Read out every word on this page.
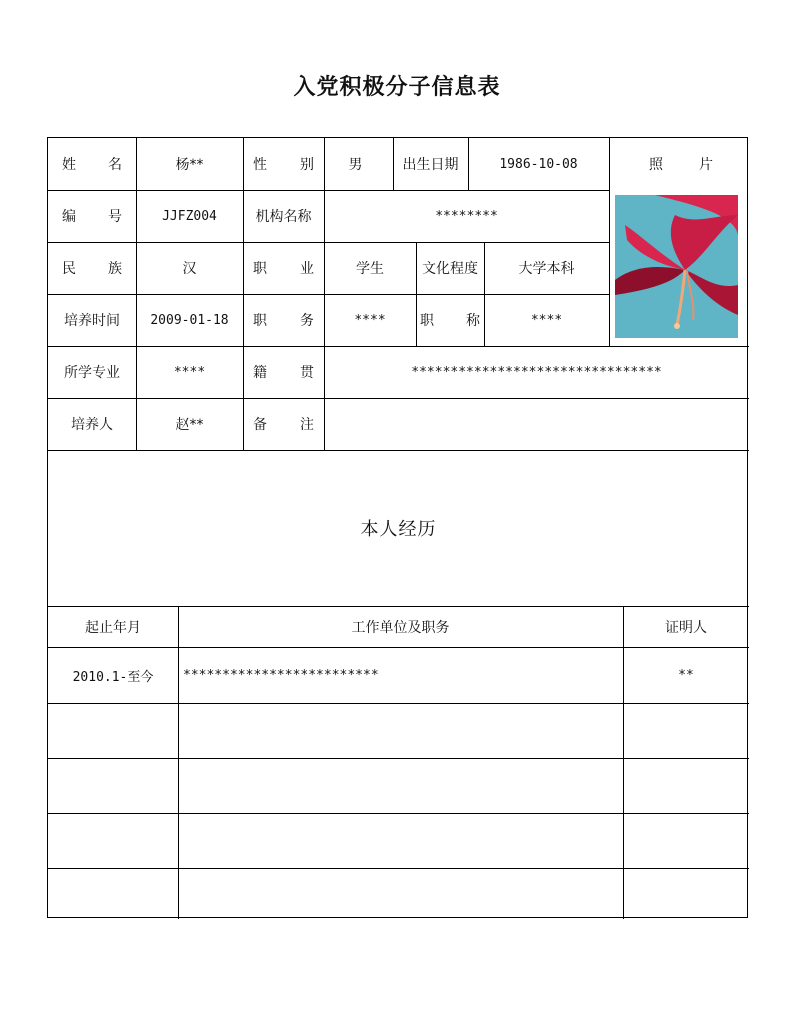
入党积极分子信息表
姓 名	杨**	性 别	男	出生日期	1986-10-08	照	片
编 号	JJFZ004	机构名称	********
民 族	汉	职 业	学生	文化程度	大学本科
培养时间	2009-01-18	职 务	****	职 称	****
所学专业	****	籍 贯	********************************
培养人	赵**	备 注
本人经历
起止年月	工作单位及职务	证明人
2010.1-至今	*************************	**
